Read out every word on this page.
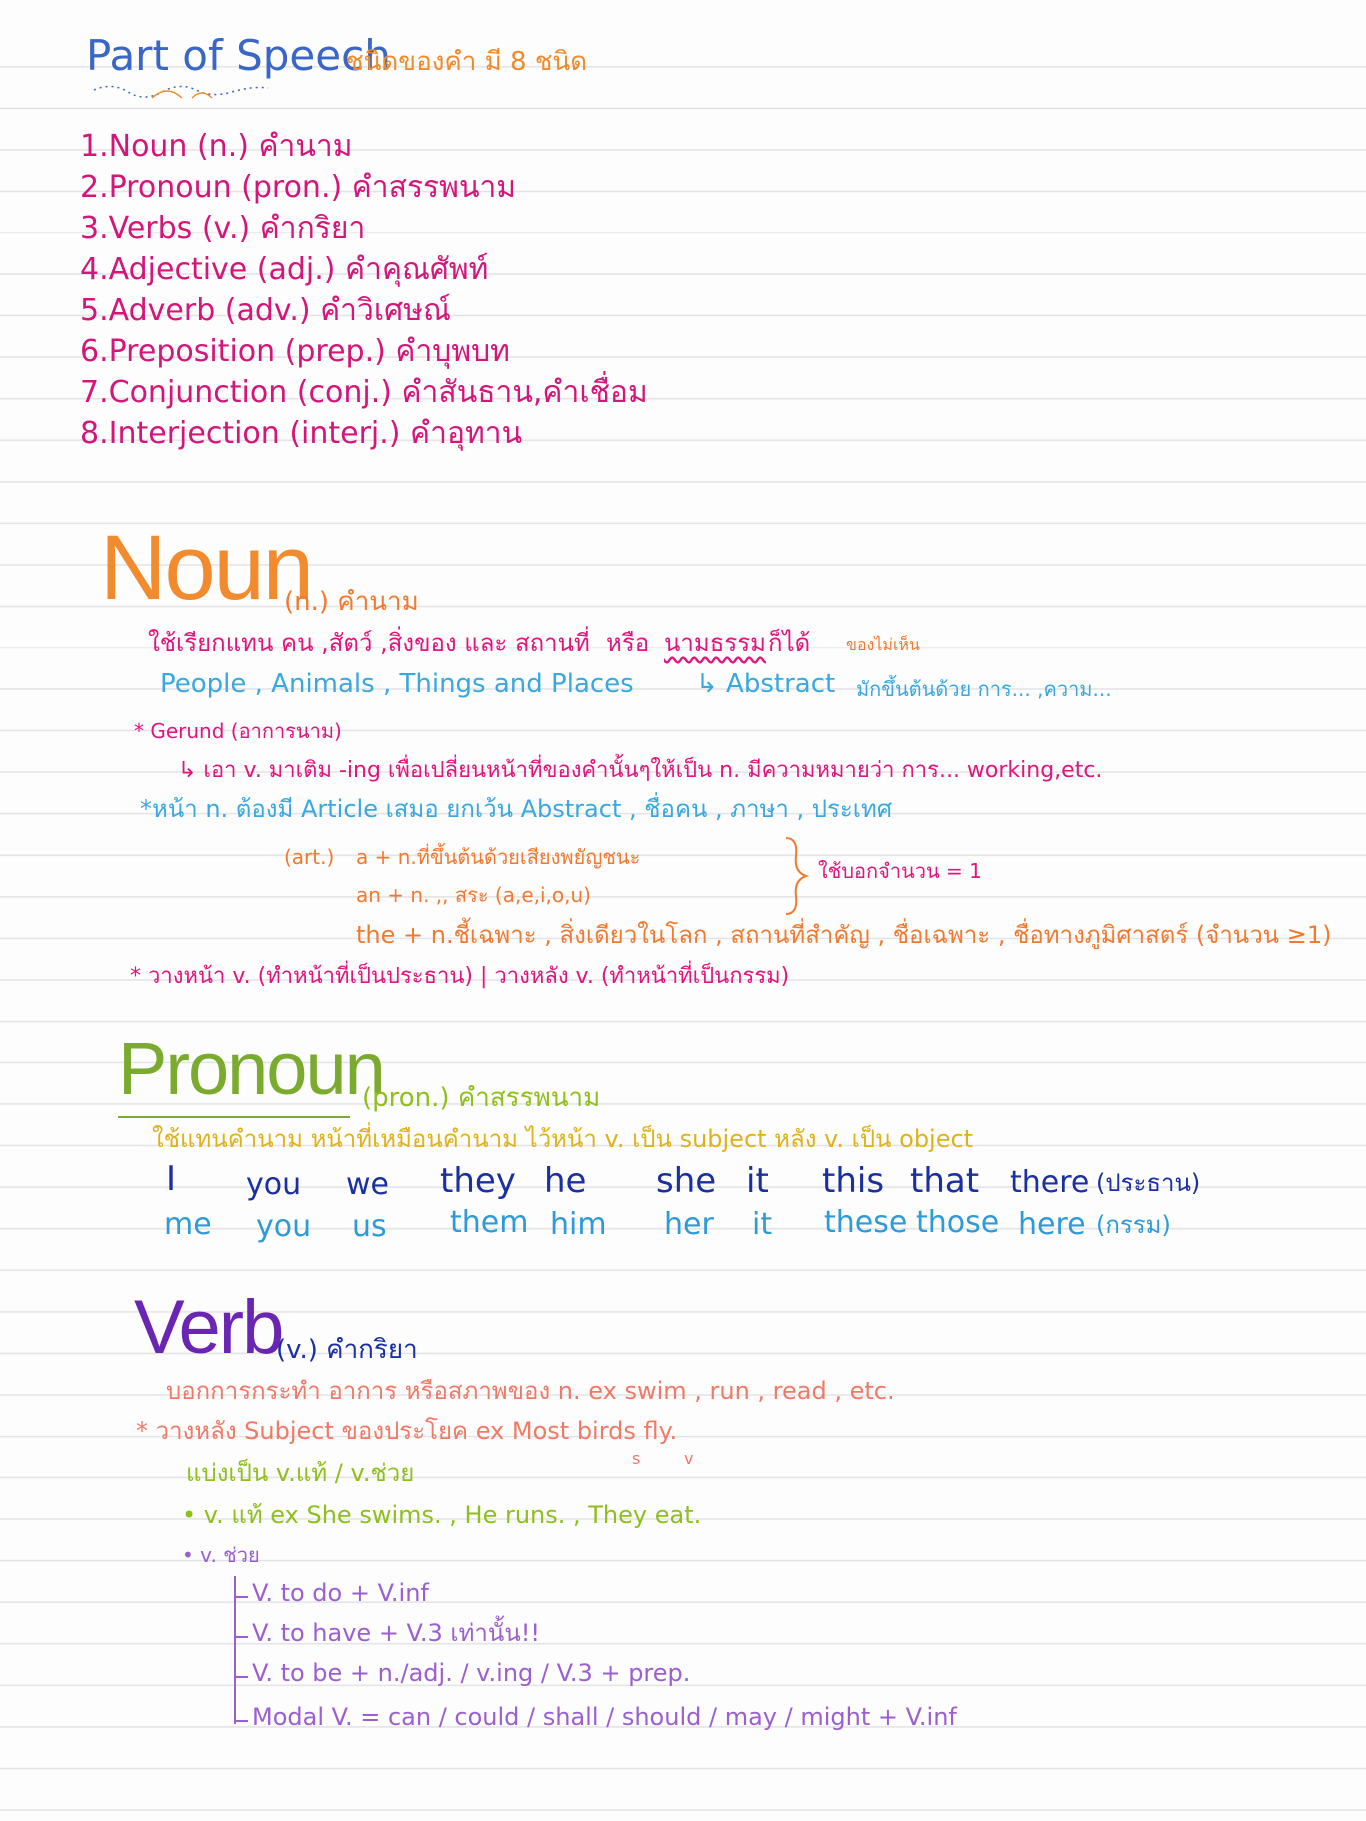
Part of Speech
ชนิดของคำ มี 8 ชนิด
1.Noun (n.) คำนาม
2.Pronoun (pron.) คำสรรพนาม
3.Verbs (v.) คำกริยา
4.Adjective (adj.) คำคุณศัพท์
5.Adverb (adv.) คำวิเศษณ์
6.Preposition (prep.) คำบุพบท
7.Conjunction (conj.) คำสันธาน,คำเชื่อม
8.Interjection (interj.) คำอุทาน
Noun
(n.) คำนาม
ใช้เรียกแทน คน ,สัตว์ ,สิ่งของ และ สถานที่ หรือ นามธรรม ก็ได้ ของไม่เห็น
People , Animals , Things and Places ↳ Abstract มักขึ้นต้นด้วย การ... ,ความ...
* Gerund (อาการนาม)
↳ เอา v. มาเติม -ing เพื่อเปลี่ยนหน้าที่ของคำนั้นๆให้เป็น n. มีความหมายว่า การ... working,etc.
*หน้า n. ต้องมี Article เสมอ ยกเว้น Abstract , ชื่อคน , ภาษา , ประเทศ
(art.) a + n.ที่ขึ้นต้นด้วยเสียงพยัญชนะ
an + n. ,, สระ (a,e,i,o,u)
ใช้บอกจำนวน = 1
the + n.ชี้เฉพาะ , สิ่งเดียวในโลก , สถานที่สำคัญ , ชื่อเฉพาะ , ชื่อทางภูมิศาสตร์ (จำนวน ≥1)
* วางหน้า v. (ทำหน้าที่เป็นประธาน) | วางหลัง v. (ทำหน้าที่เป็นกรรม)
Pronoun
(pron.) คำสรรพนาม
ใช้แทนคำนาม หน้าที่เหมือนคำนาม ไว้หน้า v. เป็น subject หลัง v. เป็น object
I you we they he she it this that there (ประธาน)
me you us them him her it these those here (กรรม)
Verb
(v.) คำกริยา
บอกการกระทำ อาการ หรือสภาพของ n. ex swim , run , read , etc.
* วางหลัง Subject ของประโยค ex Most birds fly.
s	v
แบ่งเป็น v.แท้ / v.ช่วย
• v. แท้ ex She swims. , He runs. , They eat.
• v. ช่วย
V. to do + V.inf
V. to have + V.3 เท่านั้น!!
V. to be + n./adj. / v.ing / V.3 + prep.
Modal V. = can / could / shall / should / may / might + V.inf
